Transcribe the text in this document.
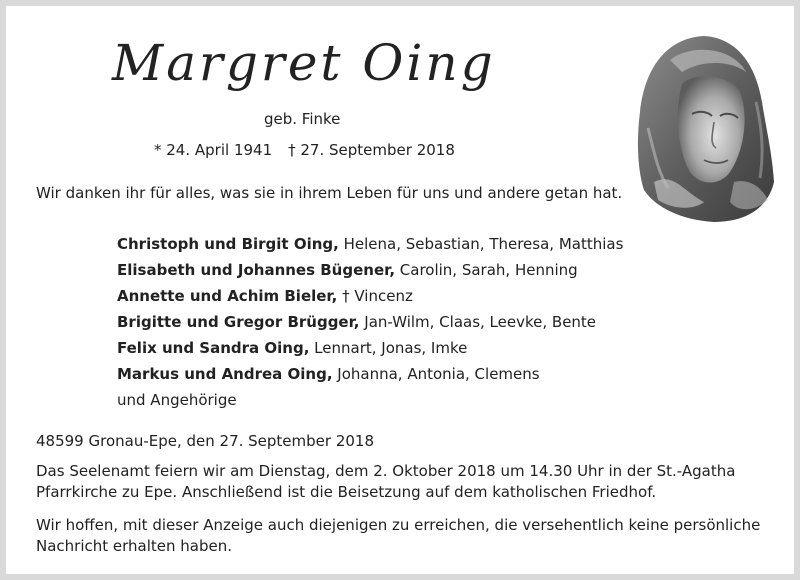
Margret Oing
geb. Finke
* 24. April 1941 † 27. September 2018
Wir danken ihr für alles, was sie in ihrem Leben für uns und andere getan hat.
Christoph und Birgit Oing, Helena, Sebastian, Theresa, Matthias
Elisabeth und Johannes Bügener, Carolin, Sarah, Henning
Annette und Achim Bieler, † Vincenz
Brigitte und Gregor Brügger, Jan-Wilm, Claas, Leevke, Bente
Felix und Sandra Oing, Lennart, Jonas, Imke
Markus und Andrea Oing, Johanna, Antonia, Clemens
und Angehörige
48599 Gronau-Epe, den 27. September 2018
Das Seelenamt feiern wir am Dienstag, dem 2. Oktober 2018 um 14.30 Uhr in der St.-Agatha
Pfarrkirche zu Epe. Anschließend ist die Beisetzung auf dem katholischen Friedhof.
Wir hoffen, mit dieser Anzeige auch diejenigen zu erreichen, die versehentlich keine persönliche
Nachricht erhalten haben.
